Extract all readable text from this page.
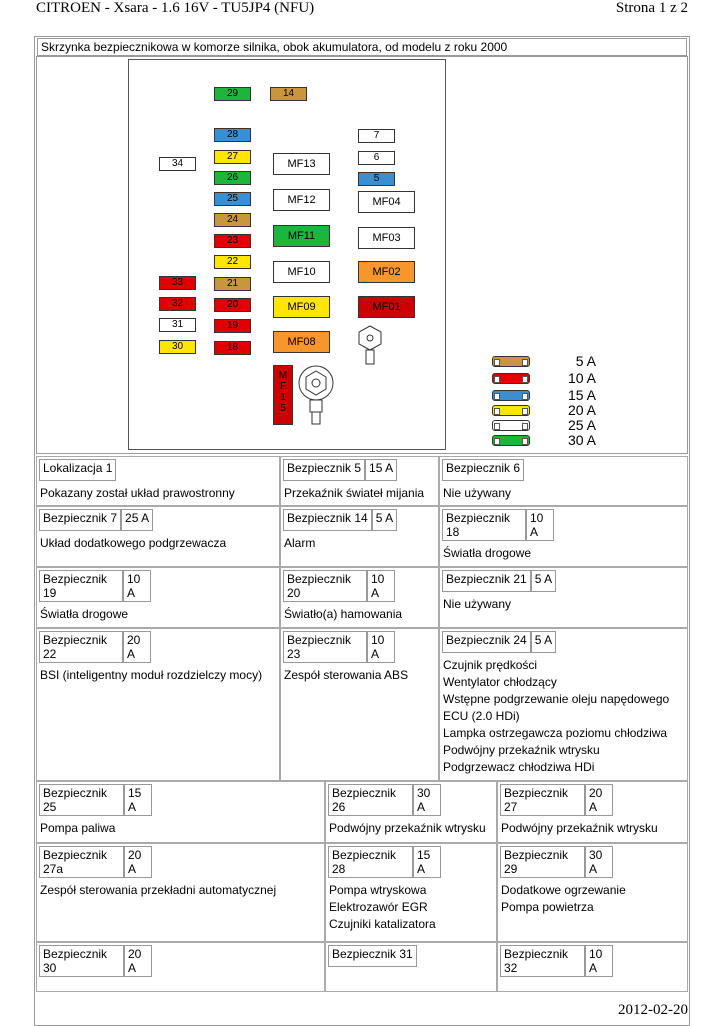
CITROEN - Xsara - 1.6 16V - TU5JP4 (NFU)	Strona 1 z 2
Skrzynka bezpiecznikowa w komorze silnika, obok akumulatora, od modelu z roku 2000
5 A
10 A
15 A
20 A
25 A
30 A
Lokalizacja 1
Pokazany został układ prawostronny
Bezpiecznik 5 15 A
Przekaźnik świateł mijania
Bezpiecznik 6
Nie używany
Bezpiecznik 7 25 A
Układ dodatkowego podgrzewacza
Bezpiecznik 14 5 A
Alarm
Bezpiecznik 18
10 A
Światła drogowe
Bezpiecznik 19
10 A
Światła drogowe
Bezpiecznik 20
10 A
Światło(a) hamowania
Bezpiecznik 21 5 A
Nie używany
Bezpiecznik 22
20 A
BSI (inteligentny moduł rozdzielczy mocy)
Bezpiecznik 23
10 A
Zespół sterowania ABS
Bezpiecznik 24 5 A
Czujnik prędkości
Wentylator chłodzący
Wstępne podgrzewanie oleju napędowego
ECU (2.0 HDi)
Lampka ostrzegawcza poziomu chłodziwa
Podwójny przekaźnik wtrysku
Podgrzewacz chłodziwa HDi
Bezpiecznik 25
15 A
Pompa paliwa
Bezpiecznik 26
30 A
Podwójny przekaźnik wtrysku
Bezpiecznik 27
20 A
Podwójny przekaźnik wtrysku
Bezpiecznik 27a
20 A
Zespół sterowania przekładni automatycznej
Bezpiecznik 28
15 A
Pompa wtryskowa
Elektrozawór EGR
Czujniki katalizatora
Bezpiecznik 29
30 A
Dodatkowe ogrzewanie
Pompa powietrza
Bezpiecznik 30
20 A
Bezpiecznik 31	Bezpiecznik 32
10 A
2012-02-20
29	14
28	7
34
27	6
26	5
25
24
23
22
33	21
32	20
31	19
30	18
MF13
MF12	MF04
MF11	MF03
MF10	MF02
MF09	MF01
MF08
M
F
1
5
